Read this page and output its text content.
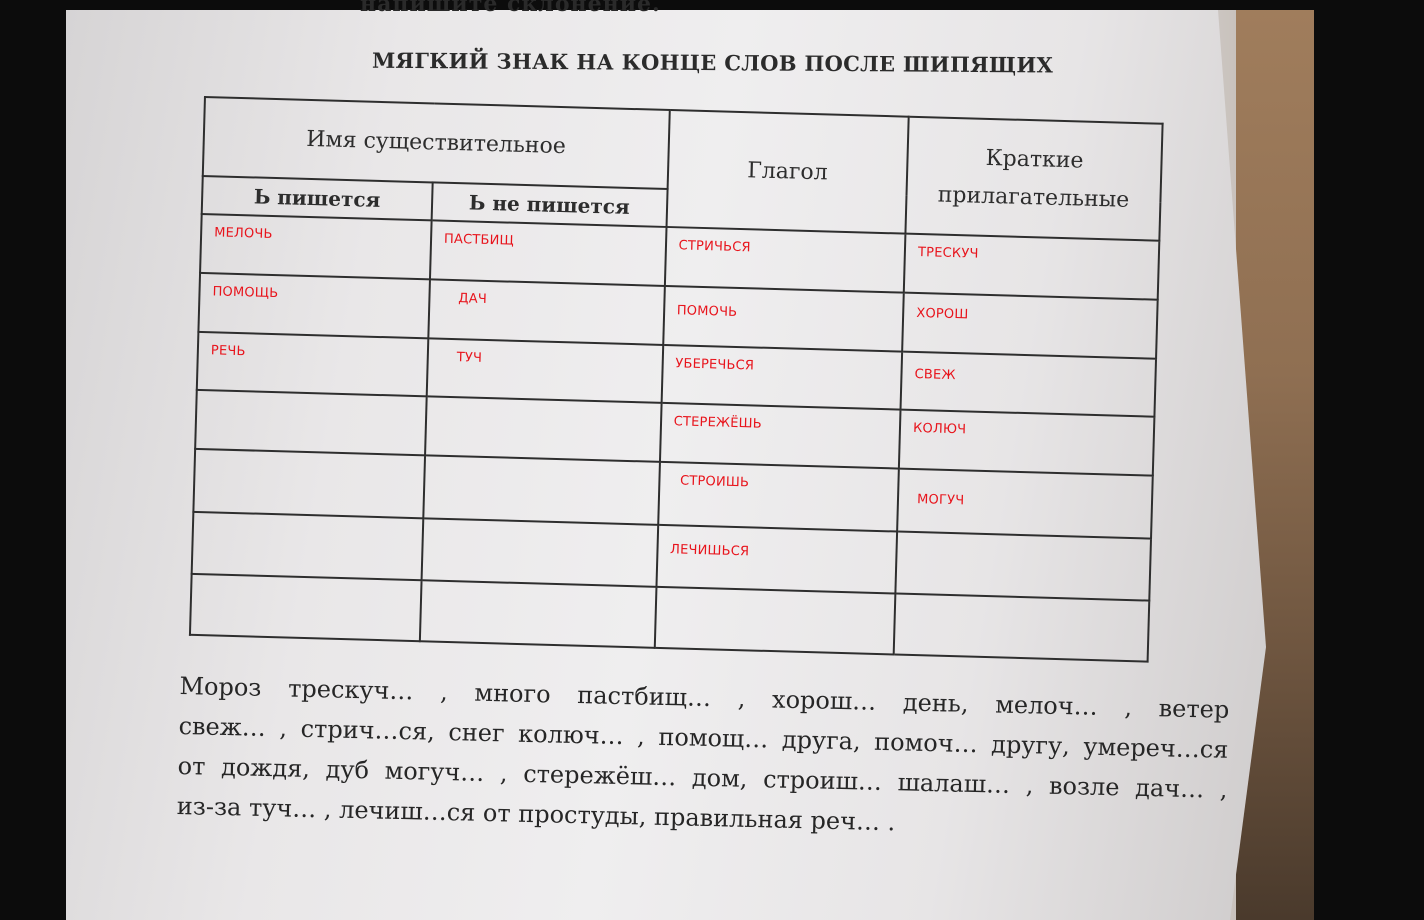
напишите склонение.
МЯГКИЙ ЗНАК НА КОНЦЕ СЛОВ ПОСЛЕ ШИПЯЩИХ
Имя существительное		Глагол	Краткие прилагательные
Ь пишется	Ь не пишется		

МЕЛОЧЬ	ПАСТБИЩ	СТРИЧЬСЯ	ТРЕСКУЧ

ПОМОЩЬ	ДАЧ	ПОМОЧЬ	ХОРОШ

РЕЧЬ	ТУЧ	УБЕРЕЧЬСЯ	СВЕЖ

		СТЕРЕЖЁШЬ	КОЛЮЧ

		СТРОИШЬ	МОГУЧ

		ЛЕЧИШЬСЯ	

Мороз трескуч… , много пастбищ… , хорош… день, мелоч… , ветер
свеж… , стрич…ся, снег колюч… , помощ… друга, помоч… другу, умереч…ся
от дождя, дуб могуч… , стережёш… дом, строиш… шалаш… , возле дач… ,
из-за туч… , лечиш…ся от простуды, правильная реч… .
